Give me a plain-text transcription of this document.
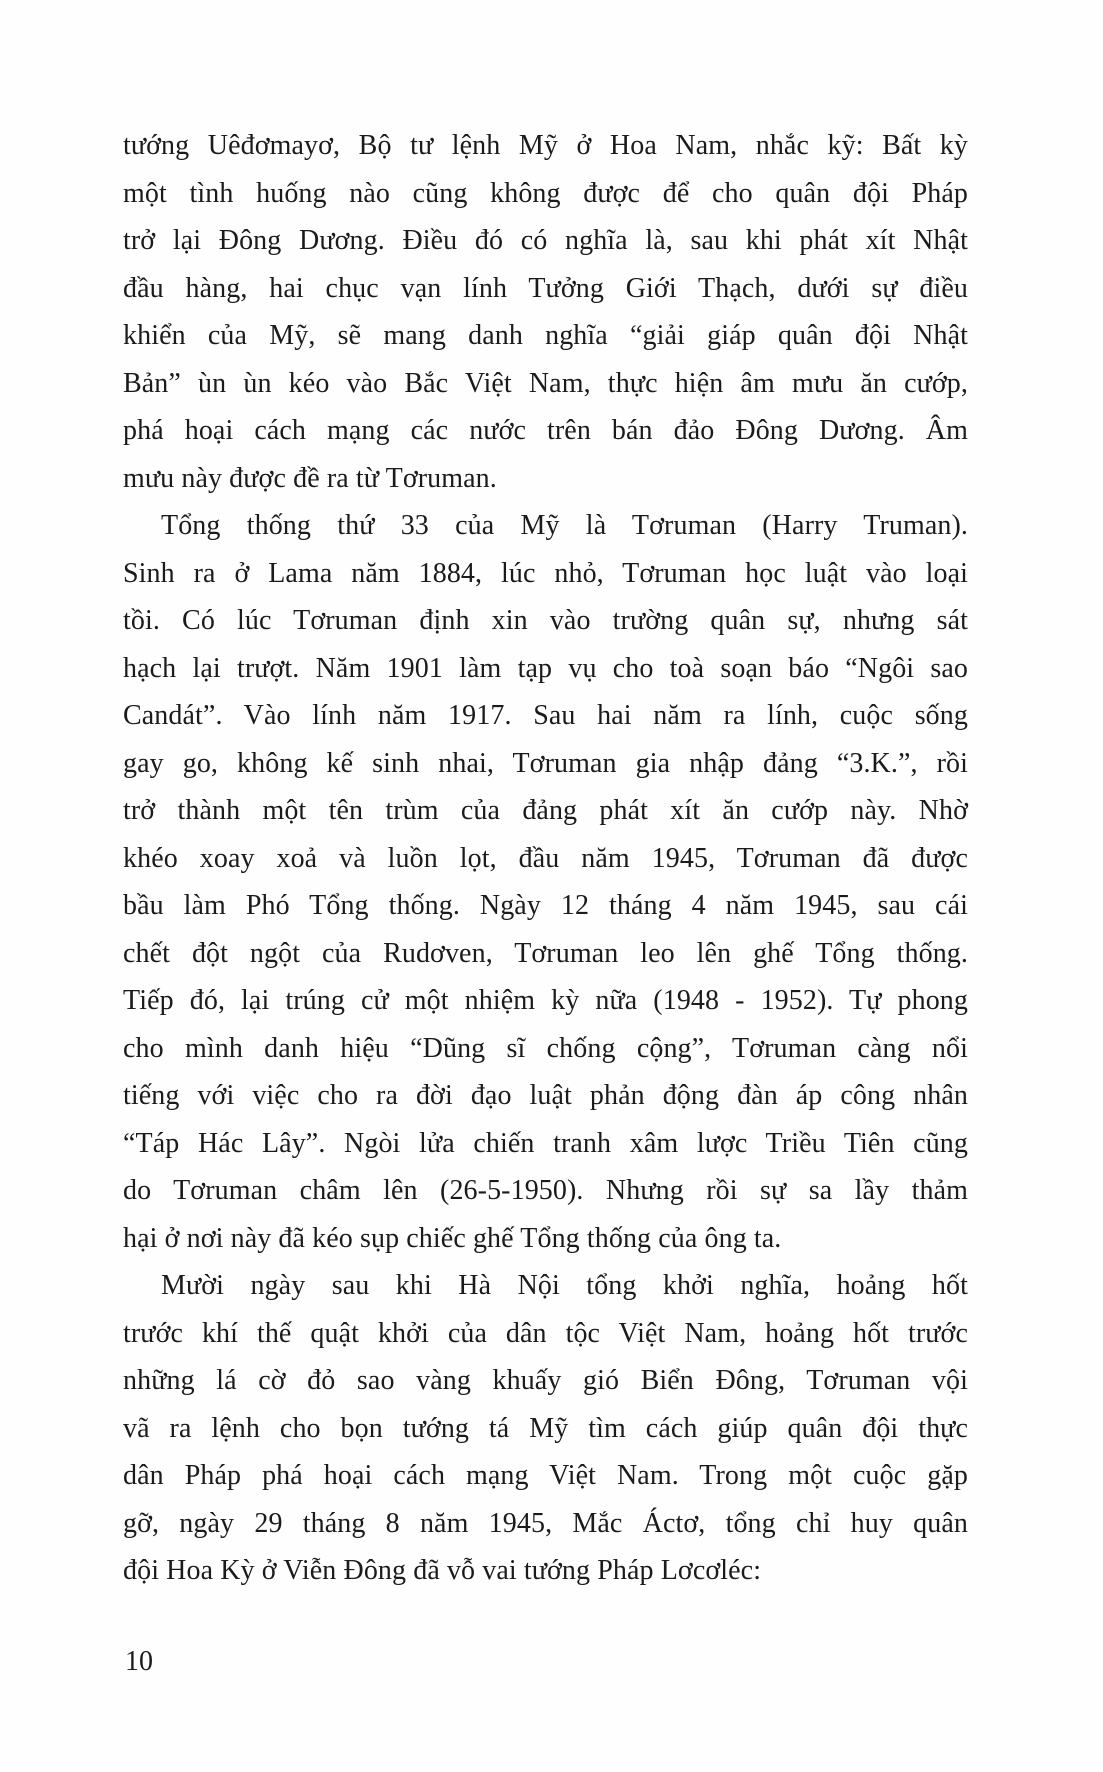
tướng Uêđơmayơ, Bộ tư lệnh Mỹ ở Hoa Nam, nhắc kỹ: Bất kỳ
một tình huống nào cũng không được để cho quân đội Pháp
trở lại Đông Dương. Điều đó có nghĩa là, sau khi phát xít Nhật
đầu hàng, hai chục vạn lính Tưởng Giới Thạch, dưới sự điều
khiển của Mỹ, sẽ mang danh nghĩa “giải giáp quân đội Nhật
Bản” ùn ùn kéo vào Bắc Việt Nam, thực hiện âm mưu ăn cướp,
phá hoại cách mạng các nước trên bán đảo Đông Dương. Âm
mưu này được đề ra từ Tơruman.
Tổng thống thứ 33 của Mỹ là Tơruman (Harry Truman).
Sinh ra ở Lama năm 1884, lúc nhỏ, Tơruman học luật vào loại
tồi. Có lúc Tơruman định xin vào trường quân sự, nhưng sát
hạch lại trượt. Năm 1901 làm tạp vụ cho toà soạn báo “Ngôi sao
Candát”. Vào lính năm 1917. Sau hai năm ra lính, cuộc sống
gay go, không kế sinh nhai, Tơruman gia nhập đảng “3.K.”, rồi
trở thành một tên trùm của đảng phát xít ăn cướp này. Nhờ
khéo xoay xoả và luồn lọt, đầu năm 1945, Tơruman đã được
bầu làm Phó Tổng thống. Ngày 12 tháng 4 năm 1945, sau cái
chết đột ngột của Rudơven, Tơruman leo lên ghế Tổng thống.
Tiếp đó, lại trúng cử một nhiệm kỳ nữa (1948 - 1952). Tự phong
cho mình danh hiệu “Dũng sĩ chống cộng”, Tơruman càng nổi
tiếng với việc cho ra đời đạo luật phản động đàn áp công nhân
“Táp Hác Lây”. Ngòi lửa chiến tranh xâm lược Triều Tiên cũng
do Tơruman châm lên (26-5-1950). Nhưng rồi sự sa lầy thảm
hại ở nơi này đã kéo sụp chiếc ghế Tổng thống của ông ta.
Mười ngày sau khi Hà Nội tổng khởi nghĩa, hoảng hốt
trước khí thế quật khởi của dân tộc Việt Nam, hoảng hốt trước
những lá cờ đỏ sao vàng khuấy gió Biển Đông, Tơruman vội
vã ra lệnh cho bọn tướng tá Mỹ tìm cách giúp quân đội thực
dân Pháp phá hoại cách mạng Việt Nam. Trong một cuộc gặp
gỡ, ngày 29 tháng 8 năm 1945, Mắc Áctơ, tổng chỉ huy quân
đội Hoa Kỳ ở Viễn Đông đã vỗ vai tướng Pháp Lơcơléc:
10
